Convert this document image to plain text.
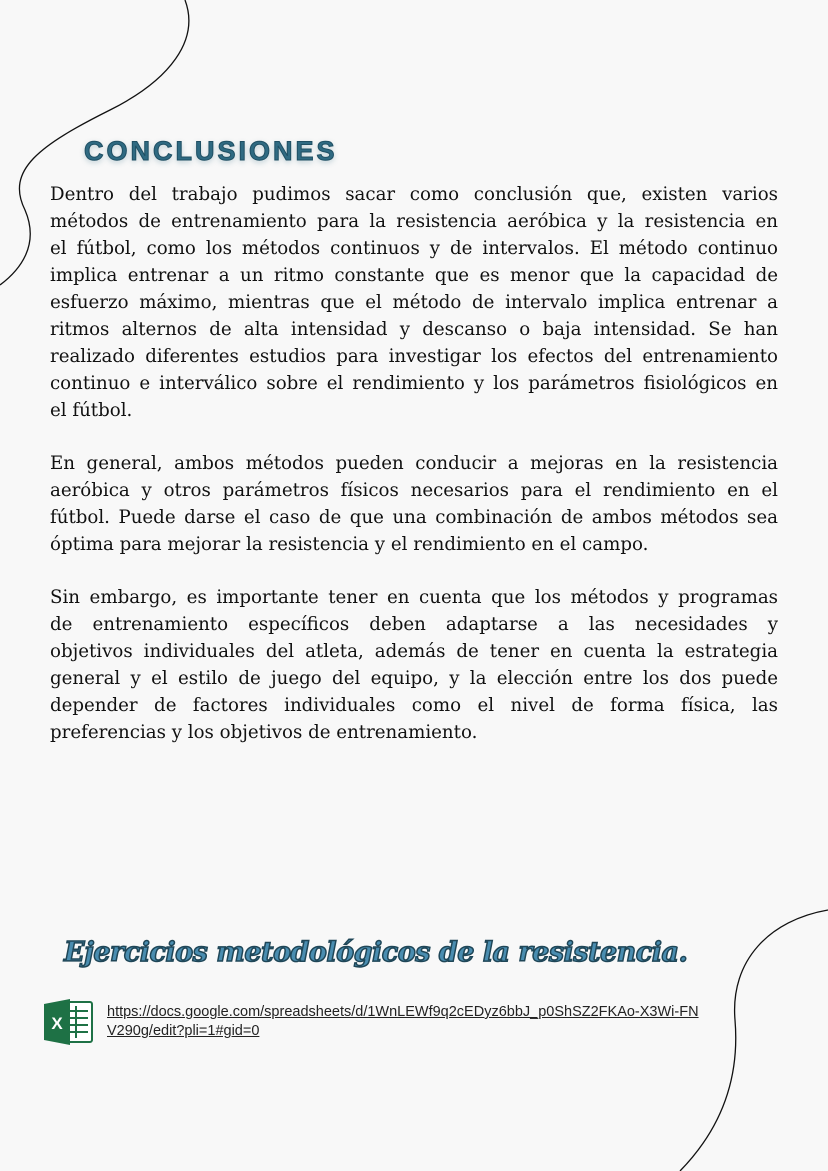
CONCLUSIONES
Dentro del trabajo pudimos sacar como conclusión que, existen varios
métodos de entrenamiento para la resistencia aeróbica y la resistencia en
el fútbol, como los métodos continuos y de intervalos. El método continuo
implica entrenar a un ritmo constante que es menor que la capacidad de
esfuerzo máximo, mientras que el método de intervalo implica entrenar a
ritmos alternos de alta intensidad y descanso o baja intensidad. Se han
realizado diferentes estudios para investigar los efectos del entrenamiento
continuo e interválico sobre el rendimiento y los parámetros fisiológicos en
el fútbol.
En general, ambos métodos pueden conducir a mejoras en la resistencia
aeróbica y otros parámetros físicos necesarios para el rendimiento en el
fútbol. Puede darse el caso de que una combinación de ambos métodos sea
óptima para mejorar la resistencia y el rendimiento en el campo.
Sin embargo, es importante tener en cuenta que los métodos y programas
de entrenamiento específicos deben adaptarse a las necesidades y
objetivos individuales del atleta, además de tener en cuenta la estrategia
general y el estilo de juego del equipo, y la elección entre los dos puede
depender de factores individuales como el nivel de forma física, las
preferencias y los objetivos de entrenamiento.
Ejercicios metodológicos de la resistencia.
X
https://docs.google.com/spreadsheets/d/1WnLEWf9q2cEDyz6bbJ_p0ShSZ2FKAo-X3Wi-FNV290g/edit?pli=1#gid=0
